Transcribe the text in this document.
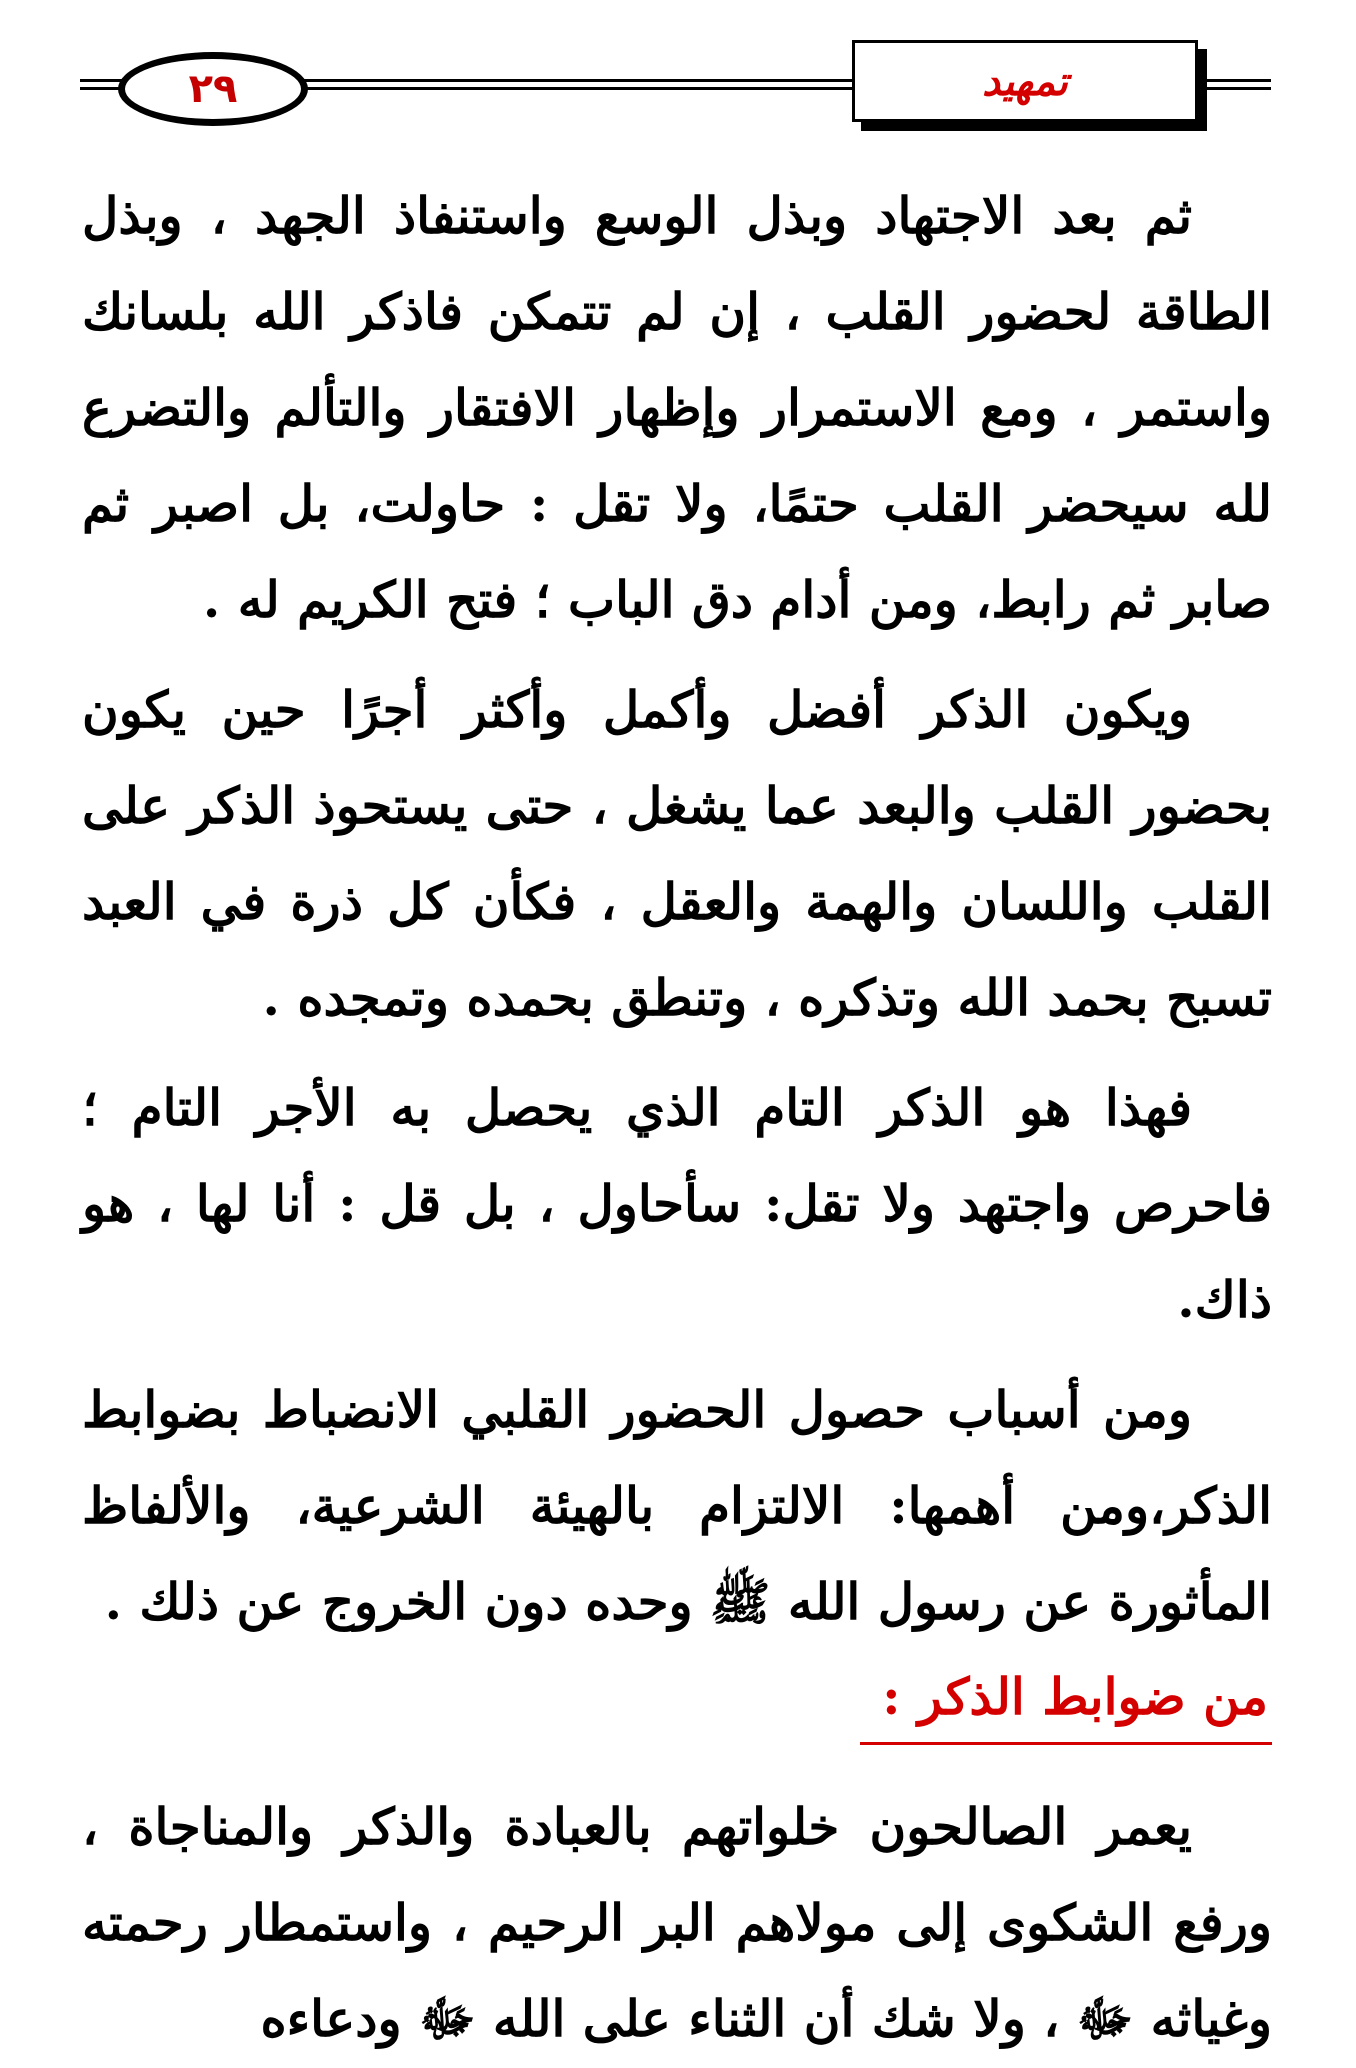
٢٩	تمهيد

ثم بعد الاجتهاد وبذل الوسع واستنفاذ الجهد ، وبذل الطاقة لحضور القلب ، إن لم تتمكن فاذكر الله بلسانك واستمر ، ومع الاستمرار وإظهار الافتقار والتألم والتضرع لله سيحضر القلب حتمًا، ولا تقل : حاولت، بل اصبر ثم صابر ثم رابط، ومن أدام دق الباب ؛ فتح الكريم له .

ويكون الذكر أفضل وأكمل وأكثر أجرًا حين يكون بحضور القلب والبعد عما يشغل ، حتى يستحوذ الذكر على القلب واللسان والهمة والعقل ، فكأن كل ذرة في العبد تسبح بحمد الله وتذكره ، وتنطق بحمده وتمجده .

فهذا هو الذكر التام الذي يحصل به الأجر التام ؛ فاحرص واجتهد ولا تقل: سأحاول ، بل قل : أنا لها ، هو ذاك.

ومن أسباب حصول الحضور القلبي الانضباط بضوابط الذكر،ومن أهمها: الالتزام بالهيئة الشرعية، والألفاظ المأثورة عن رسول الله ﷺ وحده دون الخروج عن ذلك .

من ضوابط الذكر :

يعمر الصالحون خلواتهم بالعبادة والذكر والمناجاة ، ورفع الشكوى إلى مولاهم البر الرحيم ، واستمطار رحمته وغياثه ﷻ ، ولا شك أن الثناء على الله ﷻ ودعاءه
